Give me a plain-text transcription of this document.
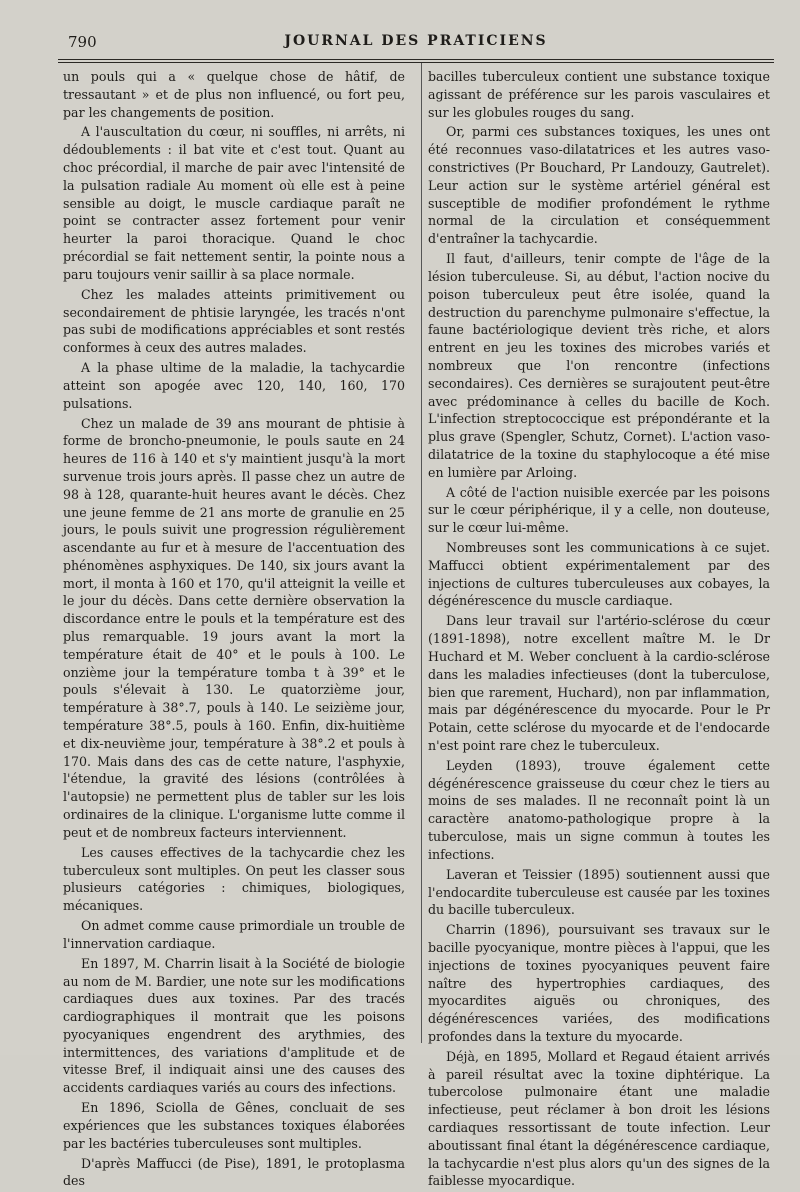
790	JOURNAL DES PRATICIENS

un pouls qui a « quelque chose de hâtif, de tressautant » et de plus non influencé, ou fort peu, par les changements de position.

A l'auscultation du cœur, ni souffles, ni arrêts, ni dédoublements : il bat vite et c'est tout. Quant au choc précordial, il marche de pair avec l'intensité de la pulsation radiale Au moment où elle est à peine sensible au doigt, le muscle cardiaque paraît ne point se contracter assez fortement pour venir heurter la paroi thoracique. Quand le choc précordial se fait nettement sentir, la pointe nous a paru toujours venir saillir à sa place normale.

Chez les malades atteints primitivement ou secondairement de phtisie laryngée, les tracés n'ont pas subi de modifications appréciables et sont restés conformes à ceux des autres malades.

A la phase ultime de la maladie, la tachycardie atteint son apogée avec 120, 140, 160, 170 pulsations.

Chez un malade de 39 ans mourant de phtisie à forme de broncho-pneumonie, le pouls saute en 24 heures de 116 à 140 et s'y maintient jusqu'à la mort survenue trois jours après. Il passe chez un autre de 98 à 128, quarante-huit heures avant le décès. Chez une jeune femme de 21 ans morte de granulie en 25 jours, le pouls suivit une progression régulièrement ascendante au fur et à mesure de l'accentuation des phénomènes asphyxiques. De 140, six jours avant la mort, il monta à 160 et 170, qu'il atteignit la veille et le jour du décès. Dans cette dernière observation la discordance entre le pouls et la température est des plus remarquable. 19 jours avant la mort la température était de 40° et le pouls à 100. Le onzième jour la température tomba t à 39° et le pouls s'élevait à 130. Le quatorzième jour, température à 38°.7, pouls à 140. Le seizième jour, température 38°.5, pouls à 160. Enfin, dix-huitième et dix-neuvième jour, température à 38°.2 et pouls à 170. Mais dans des cas de cette nature, l'asphyxie, l'étendue, la gravité des lésions (contrôlées à l'autopsie) ne permettent plus de tabler sur les lois ordinaires de la clinique. L'organisme lutte comme il peut et de nombreux facteurs interviennent.

Les causes effectives de la tachycardie chez les tuberculeux sont multiples. On peut les classer sous plusieurs catégories : chimiques, biologiques, mécaniques.

On admet comme cause primordiale un trouble de l'innervation cardiaque.

En 1897, M. Charrin lisait à la Société de biologie au nom de M. Bardier, une note sur les modifications cardiaques dues aux toxines. Par des tracés cardiographiques il montrait que les poisons pyocyaniques engendrent des arythmies, des intermittences, des variations d'amplitude et de vitesse Bref, il indiquait ainsi une des causes des accidents cardiaques variés au cours des infections.

En 1896, Sciolla de Gênes, concluait de ses expériences que les substances toxiques élaborées par les bactéries tuberculeuses sont multiples.

D'après Maffucci (de Pise), 1891, le protoplasma des

bacilles tuberculeux contient une substance toxique agissant de préférence sur les parois vasculaires et sur les globules rouges du sang.

Or, parmi ces substances toxiques, les unes ont été reconnues vaso-dilatatrices et les autres vaso-constrictives (Pr Bouchard, Pr Landouzy, Gautrelet). Leur action sur le système artériel général est susceptible de modifier profondément le rythme normal de la circulation et conséquemment d'entraîner la tachycardie.

Il faut, d'ailleurs, tenir compte de l'âge de la lésion tuberculeuse. Si, au début, l'action nocive du poison tuberculeux peut être isolée, quand la destruction du parenchyme pulmonaire s'effectue, la faune bactériologique devient très riche, et alors entrent en jeu les toxines des microbes variés et nombreux que l'on rencontre (infections secondaires). Ces dernières se surajoutent peut-être avec prédominance à celles du bacille de Koch. L'infection streptococcique est prépondérante et la plus grave (Spengler, Schutz, Cornet). L'action vaso-dilatatrice de la toxine du staphylocoque a été mise en lumière par Arloing.

A côté de l'action nuisible exercée par les poisons sur le cœur périphérique, il y a celle, non douteuse, sur le cœur lui-même.

Nombreuses sont les communications à ce sujet. Maffucci obtient expérimentalement par des injections de cultures tuberculeuses aux cobayes, la dégénérescence du muscle cardiaque.

Dans leur travail sur l'artério-sclérose du cœur (1891-1898), notre excellent maître M. le Dr Huchard et M. Weber concluent à la cardio-sclérose dans les maladies infectieuses (dont la tuberculose, bien que rarement, Huchard), non par inflammation, mais par dégénérescence du myocarde. Pour le Pr Potain, cette sclérose du myocarde et de l'endocarde n'est point rare chez le tuberculeux.

Leyden (1893), trouve également cette dégénérescence graisseuse du cœur chez le tiers au moins de ses malades. Il ne reconnaît point là un caractère anatomo-pathologique propre à la tuberculose, mais un signe commun à toutes les infections.

Laveran et Teissier (1895) soutiennent aussi que l'endocardite tuberculeuse est causée par les toxines du bacille tuberculeux.

Charrin (1896), poursuivant ses travaux sur le bacille pyocyanique, montre pièces à l'appui, que les injections de toxines pyocyaniques peuvent faire naître des hypertrophies cardiaques, des myocardites aiguës ou chroniques, des dégénérescences variées, des modifications profondes dans la texture du myocarde.

Déjà, en 1895, Mollard et Regaud étaient arrivés à pareil résultat avec la toxine diphtérique. La tubercolose pulmonaire étant une maladie infectieuse, peut réclamer à bon droit les lésions cardiaques ressortissant de toute infection. Leur aboutissant final étant la dégénérescence cardiaque, la tachycardie n'est plus alors qu'un des signes de la faiblesse myocardique.
